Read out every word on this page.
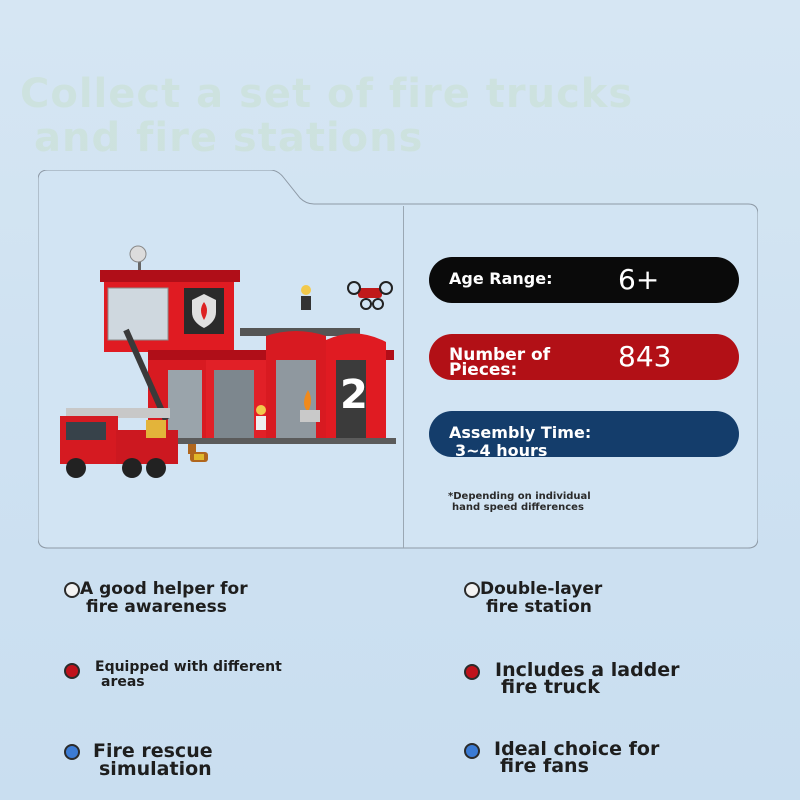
Collect a set of fire trucks
and fire stations
2
Age Range: 6+
Number of Pieces:	843
Assembly Time:
3~4 hours
*Depending on individual
hand speed differences
A good helper for
fire awareness
Double-layer
fire station
Equipped with different
areas
Includes a ladder
fire truck
Fire rescue
simulation
Ideal choice for
fire fans
